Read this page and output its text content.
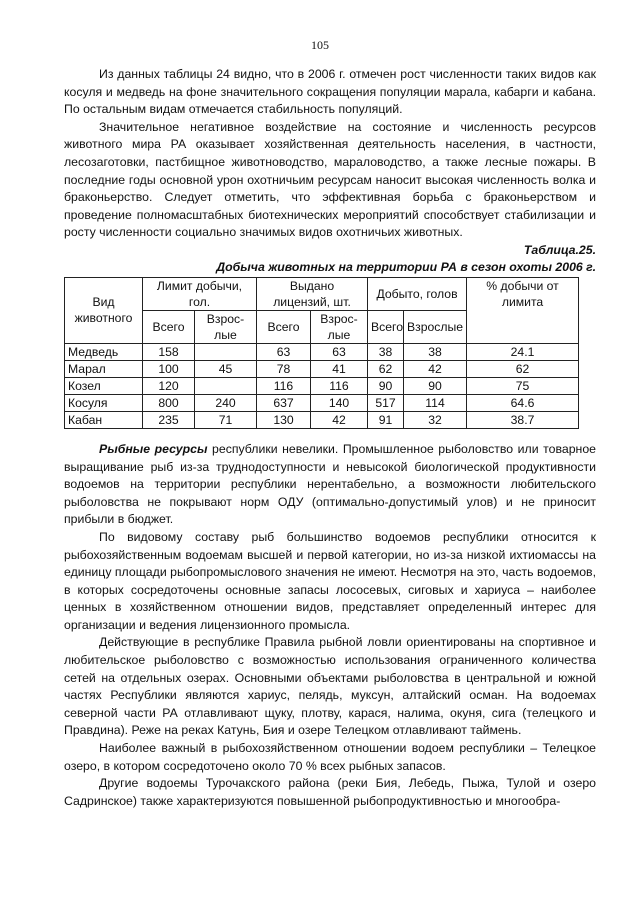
105

Из данных таблицы 24 видно, что в 2006 г. отмечен рост численности таких видов как косуля и медведь на фоне значительного сокращения популяции марала, кабарги и кабана. По остальным видам отмечается стабильность популяций.

Значительное негативное воздействие на состояние и численность ресурсов животного мира РА оказывает хозяйственная деятельность населения, в частности, лесозаготовки, пастбищное животноводство, мараловодство, а также лесные пожары. В последние годы основной урон охотничьим ресурсам наносит высокая численность волка и браконьерство. Следует отметить, что эффективная борьба с браконьерством и проведение полномасштабных биотехнических мероприятий способствует стабилизации и росту численности социально значимых видов охотничьих животных.

Таблица.25.
Добыча животных на территории РА в сезон охоты 2006 г.
Вид животного	Лимит добычи, гол.		Выдано лицензий, шт.		Добыто, голов		% добычи от лимита
	Всего	Взрос-лые	Всего	Взрос-лые	Всего	Взрослые	
Медведь	158		63	63	38	38	24.1
Марал	100	45	78	41	62	42	62
Козел	120		116	116	90	90	75
Косуля	800	240	637	140	517	114	64.6
Кабан	235	71	130	42	91	32	38.7

Рыбные ресурсы республики невелики. Промышленное рыболовство или товарное выращивание рыб из-за труднодоступности и невысокой биологической продуктивности водоемов на территории республики нерентабельно, а возможности любительского рыболовства не покрывают норм ОДУ (оптимально-допустимый улов) и не приносит прибыли в бюджет.

По видовому составу рыб большинство водоемов республики относится к рыбохозяйственным водоемам высшей и первой категории, но из-за низкой ихтиомассы на единицу площади рыбопромыслового значения не имеют. Несмотря на это, часть водоемов, в которых сосредоточены основные запасы лососевых, сиговых и хариуса – наиболее ценных в хозяйственном отношении видов, представляет определенный интерес для организации и ведения лицензионного промысла.

Действующие в республике Правила рыбной ловли ориентированы на спортивное и любительское рыболовство с возможностью использования ограниченного количества сетей на отдельных озерах. Основными объектами рыболовства в центральной и южной частях Республики являются хариус, пелядь, муксун, алтайский осман. На водоемах северной части РА отлавливают щуку, плотву, карася, налима, окуня, сига (телецкого и Правдина). Реже на реках Катунь, Бия и озере Телецком отлавливают таймень.

Наиболее важный в рыбохозяйственном отношении водоем республики – Телецкое озеро, в котором сосредоточено около 70 % всех рыбных запасов.

Другие водоемы Турочакского района (реки Бия, Лебедь, Пыжа, Тулой и озеро Садринское) также характеризуются повышенной рыбопродуктивностью и многообра-
